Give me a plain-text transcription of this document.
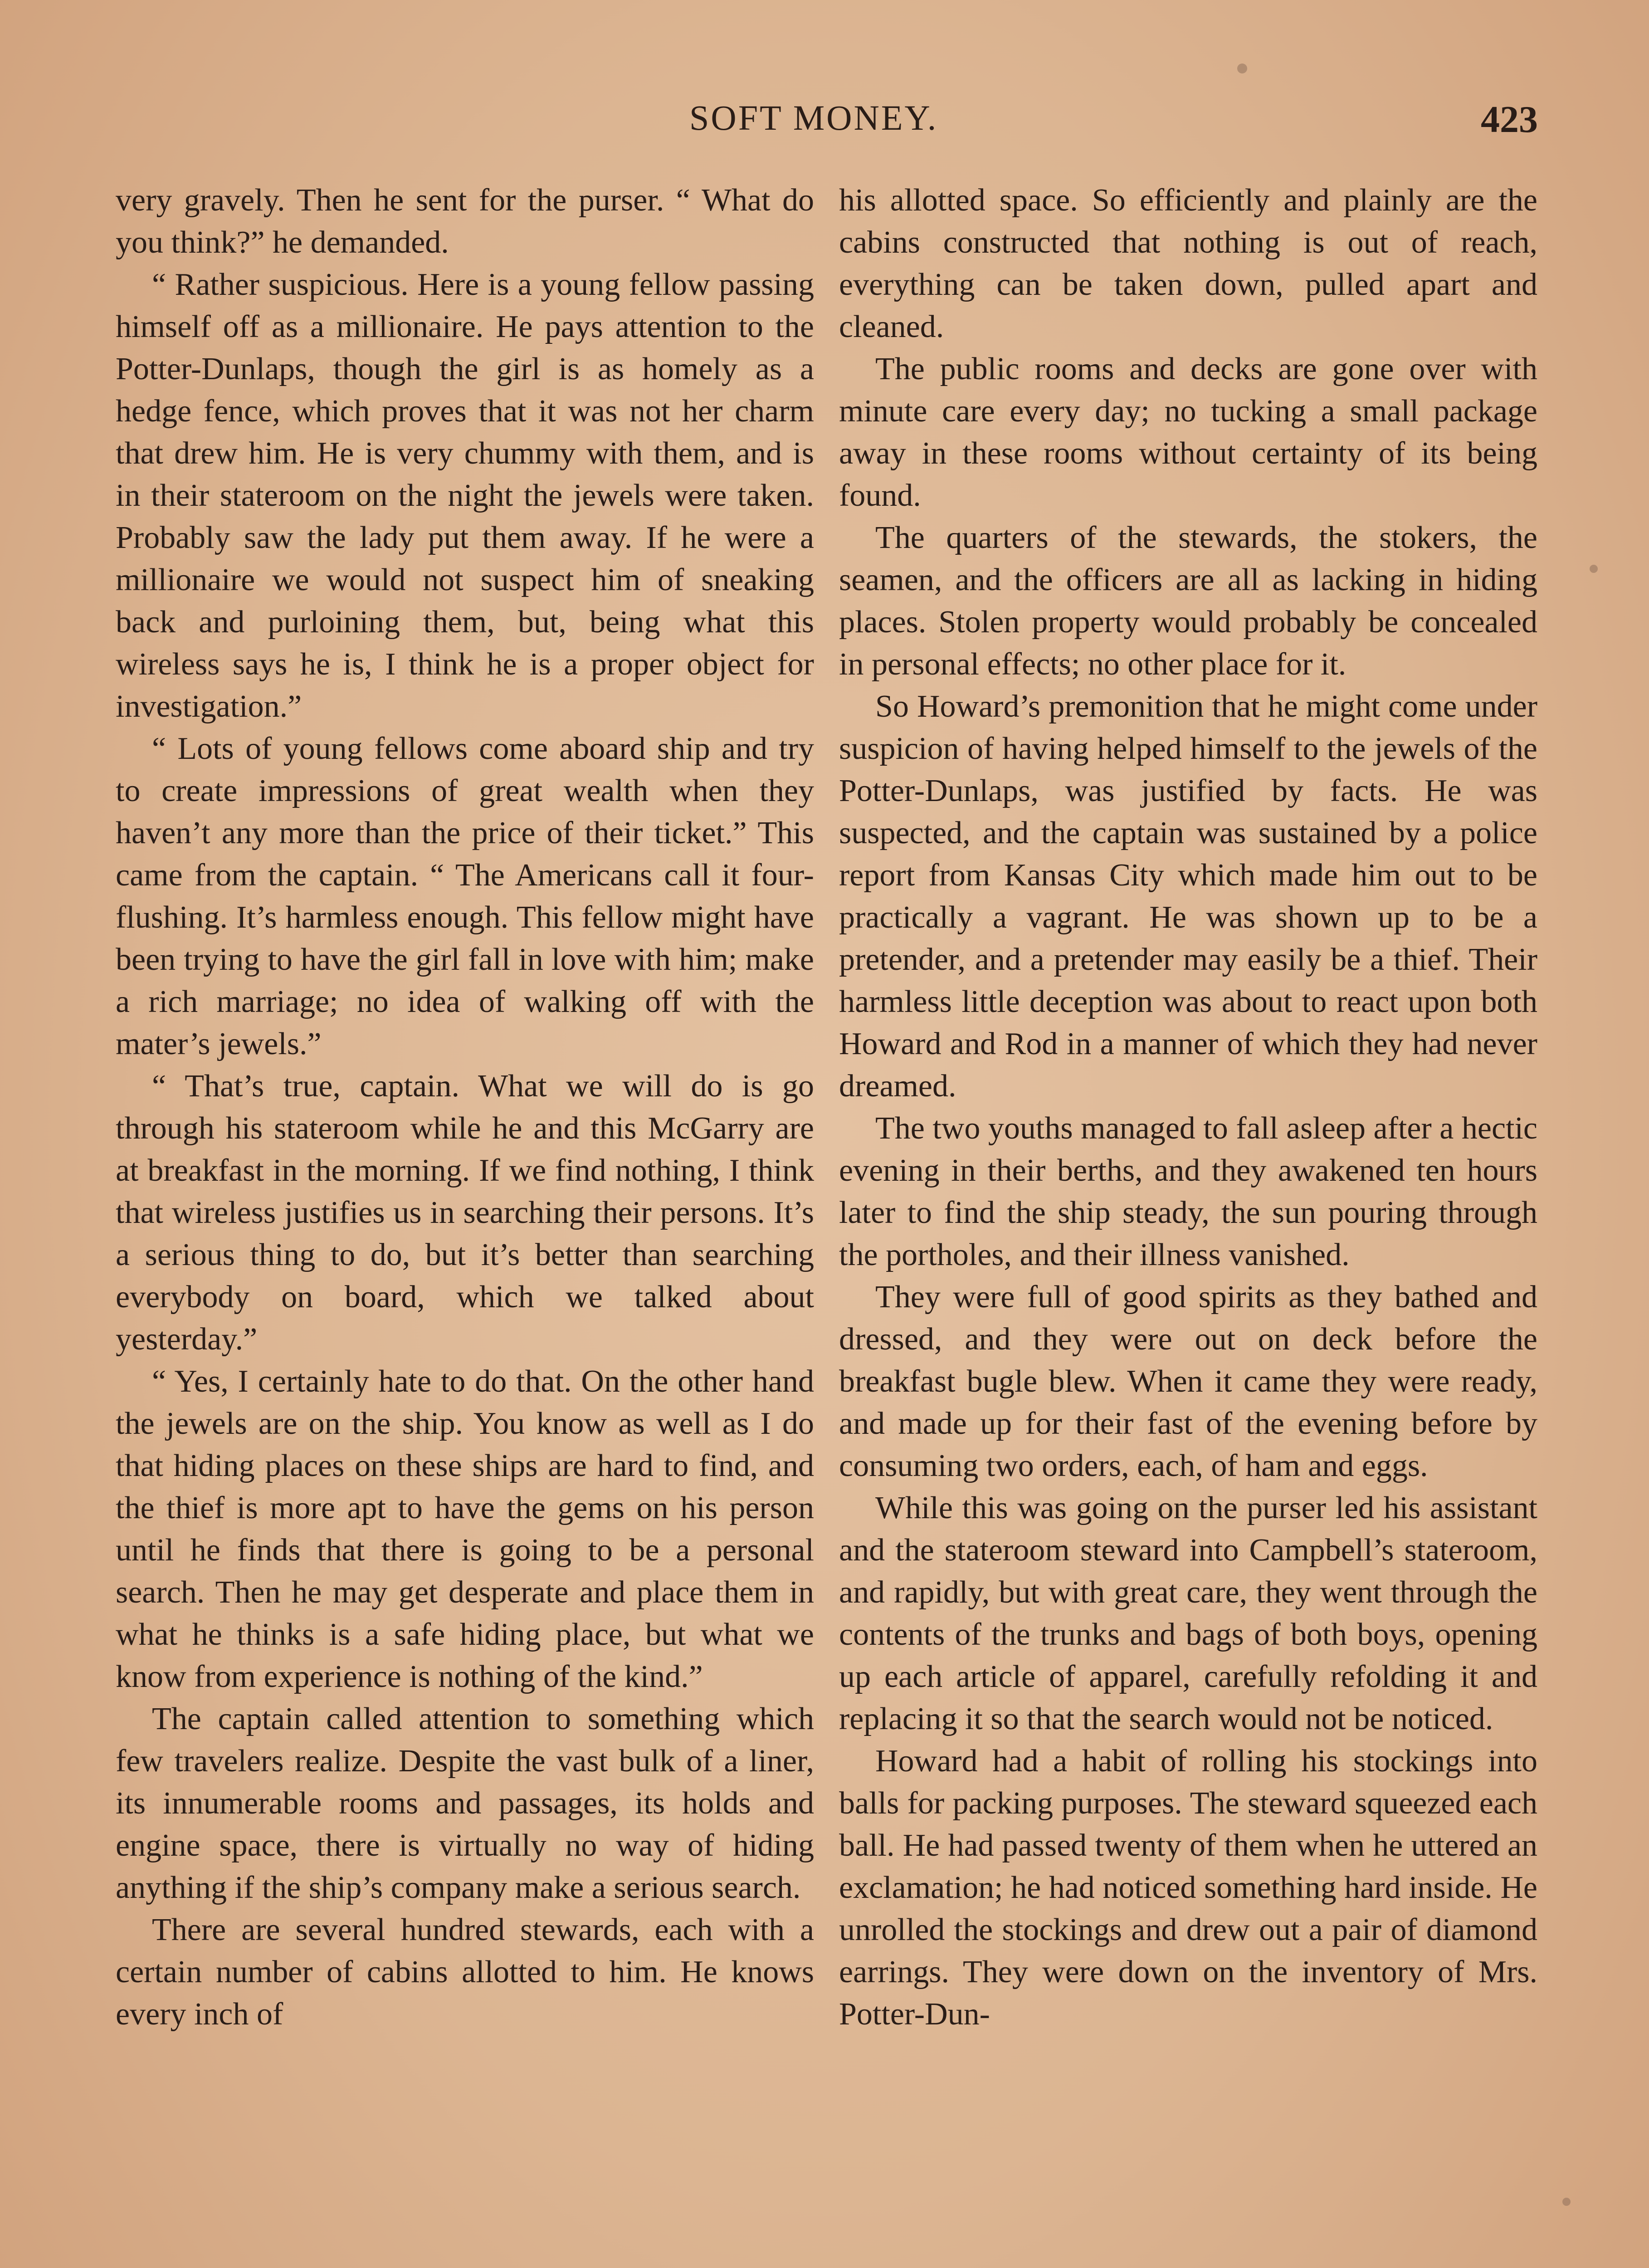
SOFT MONEY.	423

very gravely. Then he sent for the purser. “ What do you think?” he demanded.

“ Rather suspicious. Here is a young fellow passing himself off as a millionaire. He pays attention to the Potter-Dunlaps, though the girl is as homely as a hedge fence, which proves that it was not her charm that drew him. He is very chummy with them, and is in their stateroom on the night the jewels were taken. Probably saw the lady put them away. If he were a millionaire we would not suspect him of sneaking back and purloining them, but, being what this wireless says he is, I think he is a proper object for investigation.”

“ Lots of young fellows come aboard ship and try to create impressions of great wealth when they haven’t any more than the price of their ticket.” This came from the captain. “ The Americans call it four-flushing. It’s harmless enough. This fellow might have been trying to have the girl fall in love with him; make a rich marriage; no idea of walking off with the mater’s jewels.”

“ That’s true, captain. What we will do is go through his stateroom while he and this McGarry are at breakfast in the morning. If we find nothing, I think that wireless justifies us in searching their persons. It’s a serious thing to do, but it’s better than searching everybody on board, which we talked about yesterday.”

“ Yes, I certainly hate to do that. On the other hand the jewels are on the ship. You know as well as I do that hiding places on these ships are hard to find, and the thief is more apt to have the gems on his person until he finds that there is going to be a personal search. Then he may get desperate and place them in what he thinks is a safe hiding place, but what we know from experience is nothing of the kind.”

The captain called attention to something which few travelers realize. Despite the vast bulk of a liner, its innumerable rooms and passages, its holds and engine space, there is virtually no way of hiding anything if the ship’s company make a serious search.

There are several hundred stewards, each with a certain number of cabins allotted to him. He knows every inch of

his allotted space. So efficiently and plainly are the cabins constructed that nothing is out of reach, everything can be taken down, pulled apart and cleaned.

The public rooms and decks are gone over with minute care every day; no tucking a small package away in these rooms without certainty of its being found.

The quarters of the stewards, the stokers, the seamen, and the officers are all as lacking in hiding places. Stolen property would probably be concealed in personal effects; no other place for it.

So Howard’s premonition that he might come under suspicion of having helped himself to the jewels of the Potter-Dunlaps, was justified by facts. He was suspected, and the captain was sustained by a police report from Kansas City which made him out to be practically a vagrant. He was shown up to be a pretender, and a pretender may easily be a thief. Their harmless little deception was about to react upon both Howard and Rod in a manner of which they had never dreamed.

The two youths managed to fall asleep after a hectic evening in their berths, and they awakened ten hours later to find the ship steady, the sun pouring through the portholes, and their illness vanished.

They were full of good spirits as they bathed and dressed, and they were out on deck before the breakfast bugle blew. When it came they were ready, and made up for their fast of the evening before by consuming two orders, each, of ham and eggs.

While this was going on the purser led his assistant and the stateroom steward into Campbell’s stateroom, and rapidly, but with great care, they went through the contents of the trunks and bags of both boys, opening up each article of apparel, carefully refolding it and replacing it so that the search would not be noticed.

Howard had a habit of rolling his stockings into balls for packing purposes. The steward squeezed each ball. He had passed twenty of them when he uttered an exclamation; he had noticed something hard inside. He unrolled the stockings and drew out a pair of diamond earrings. They were down on the inventory of Mrs. Potter-Dun-
